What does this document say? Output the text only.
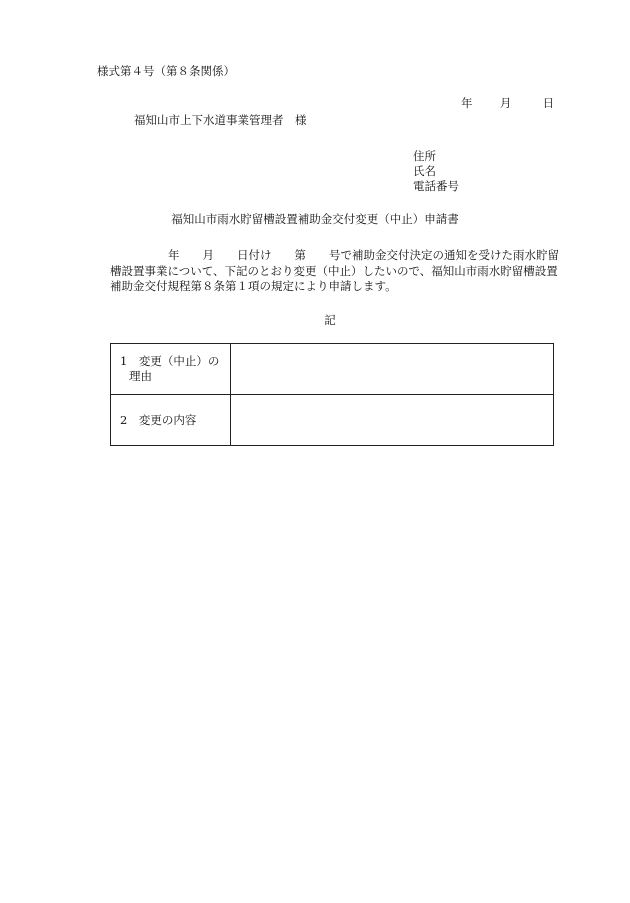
様式第４号（第８条関係）
年 月	日
福知山市上下水道事業管理者　様
住所
氏名
電話番号
福知山市雨水貯留槽設置補助金交付変更（中止）申請書
年　　月　　日付け　　第　　号で補助金交付決定の通知を受けた雨水貯留
槽設置事業について、下記のとおり変更（中止）したいので、福知山市雨水貯留槽設置
補助金交付規程第８条第１項の規定により申請します。
記
1　変更（中止）の
理由	

2　変更の内容	
